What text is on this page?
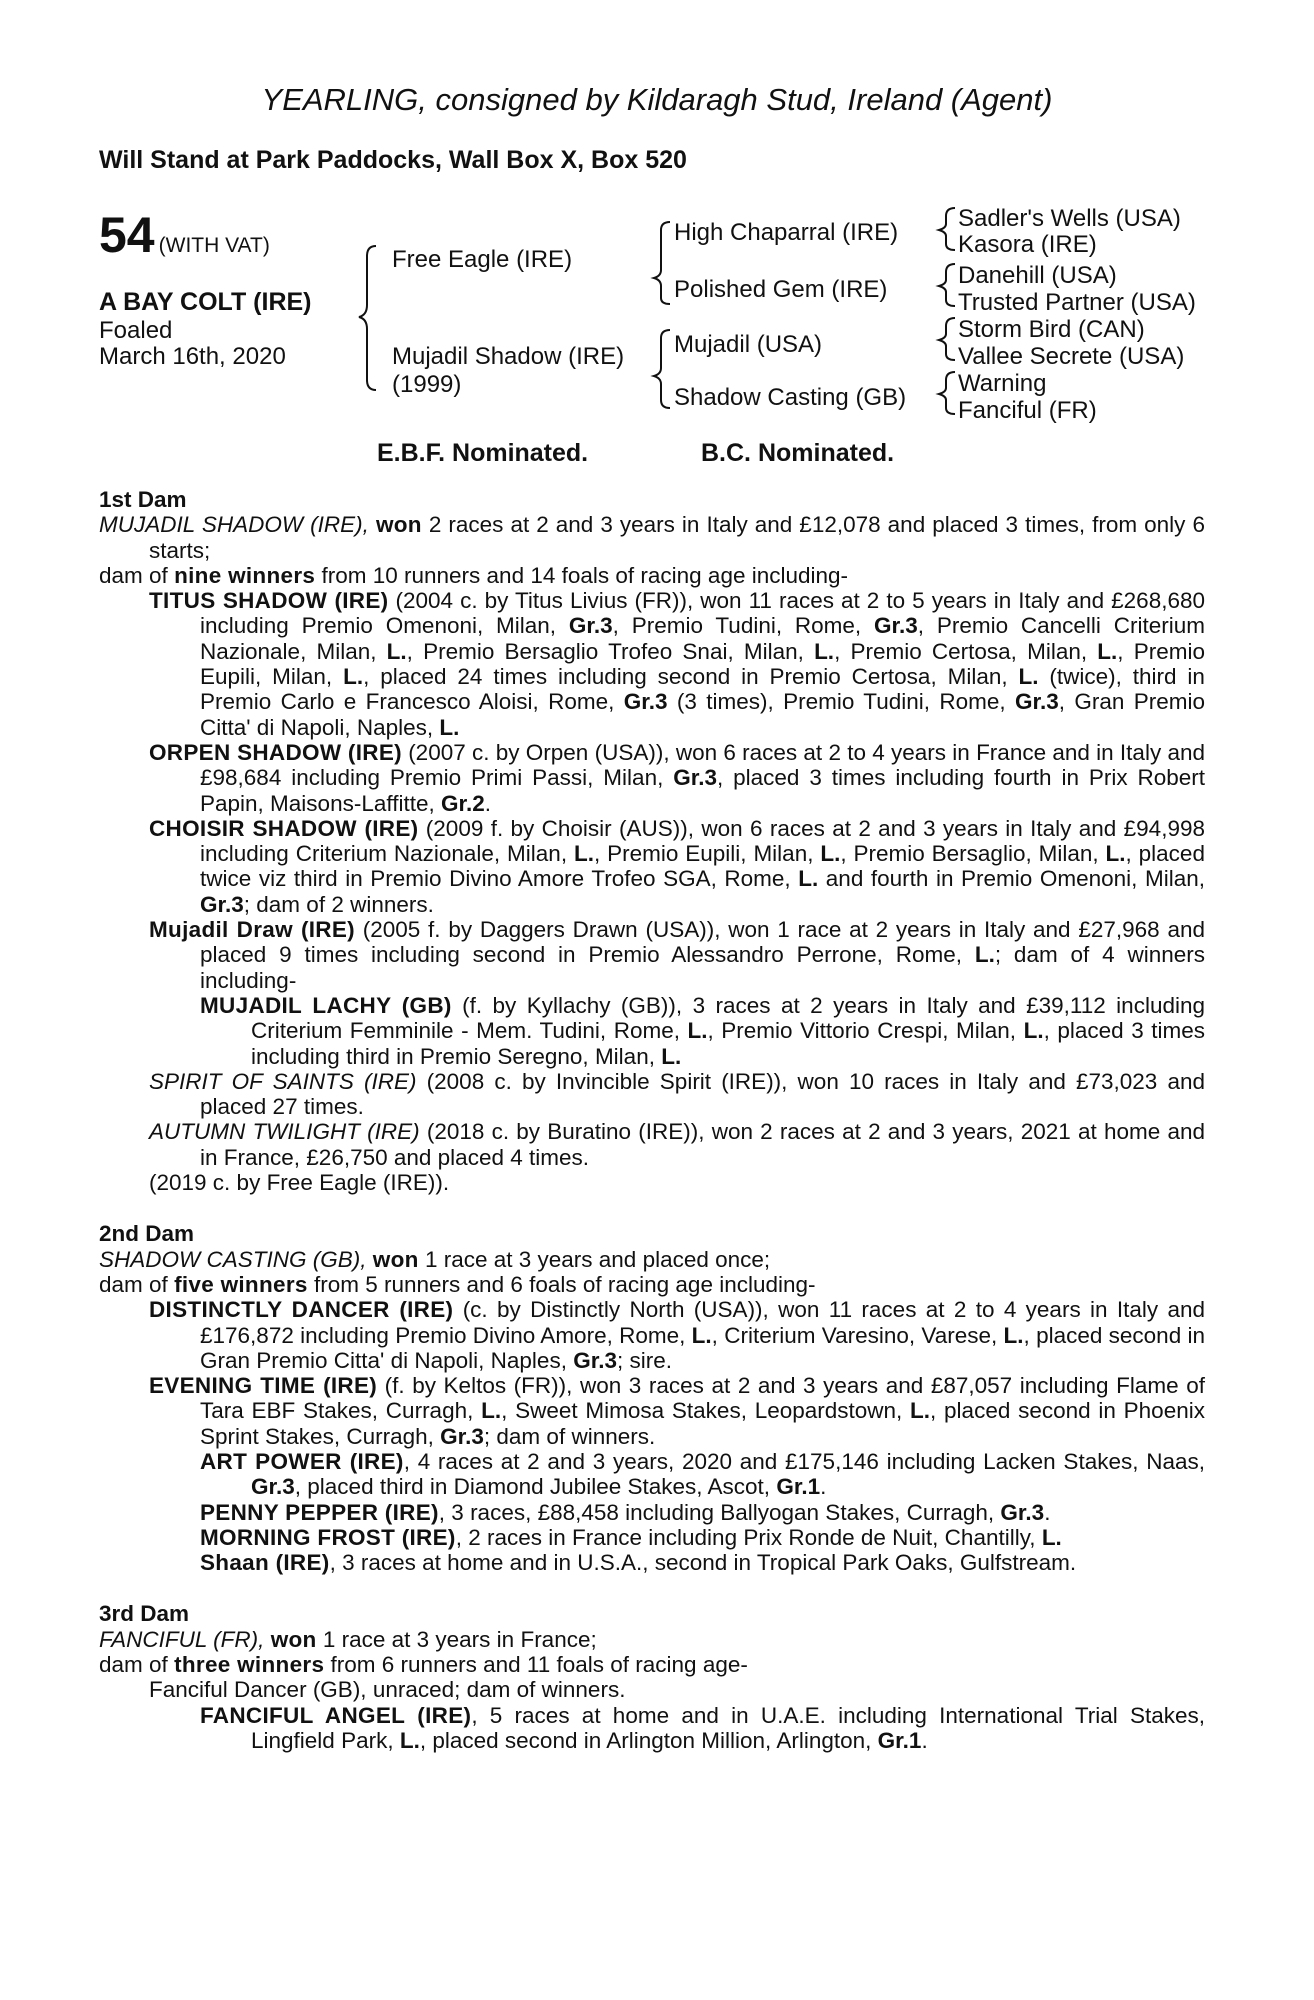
YEARLING, consigned by Kildaragh Stud, Ireland (Agent)
Will Stand at Park Paddocks, Wall Box X, Box 520
54 (WITH VAT)
A BAY COLT (IRE)
Foaled
March 16th, 2020
Free Eagle (IRE)
Mujadil Shadow (IRE)
(1999)
High Chaparral (IRE)
Polished Gem (IRE)
Mujadil (USA)
Shadow Casting (GB)
Sadler's Wells (USA)
Kasora (IRE)
Danehill (USA)
Trusted Partner (USA)
Storm Bird (CAN)
Vallee Secrete (USA)
Warning
Fanciful (FR)
E.B.F. Nominated.	B.C. Nominated.
1st Dam
MUJADIL SHADOW (IRE), won 2 races at 2 and 3 years in Italy and £12,078 and placed 3 times, from only 6 starts;
dam of nine winners from 10 runners and 14 foals of racing age including-
TITUS SHADOW (IRE) (2004 c. by Titus Livius (FR)), won 11 races at 2 to 5 years in Italy and £268,680 including Premio Omenoni, Milan, Gr.3, Premio Tudini, Rome, Gr.3, Premio Cancelli Criterium Nazionale, Milan, L., Premio Bersaglio Trofeo Snai, Milan, L., Premio Certosa, Milan, L., Premio Eupili, Milan, L., placed 24 times including second in Premio Certosa, Milan, L. (twice), third in Premio Carlo e Francesco Aloisi, Rome, Gr.3 (3 times), Premio Tudini, Rome, Gr.3, Gran Premio Citta' di Napoli, Naples, L.
ORPEN SHADOW (IRE) (2007 c. by Orpen (USA)), won 6 races at 2 to 4 years in France and in Italy and £98,684 including Premio Primi Passi, Milan, Gr.3, placed 3 times including fourth in Prix Robert Papin, Maisons-Laffitte, Gr.2.
CHOISIR SHADOW (IRE) (2009 f. by Choisir (AUS)), won 6 races at 2 and 3 years in Italy and £94,998 including Criterium Nazionale, Milan, L., Premio Eupili, Milan, L., Premio Bersaglio, Milan, L., placed twice viz third in Premio Divino Amore Trofeo SGA, Rome, L. and fourth in Premio Omenoni, Milan, Gr.3; dam of 2 winners.
Mujadil Draw (IRE) (2005 f. by Daggers Drawn (USA)), won 1 race at 2 years in Italy and £27,968 and placed 9 times including second in Premio Alessandro Perrone, Rome, L.; dam of 4 winners including-
MUJADIL LACHY (GB) (f. by Kyllachy (GB)), 3 races at 2 years in Italy and £39,112 including Criterium Femminile - Mem. Tudini, Rome, L., Premio Vittorio Crespi, Milan, L., placed 3 times including third in Premio Seregno, Milan, L.
SPIRIT OF SAINTS (IRE) (2008 c. by Invincible Spirit (IRE)), won 10 races in Italy and £73,023 and placed 27 times.
AUTUMN TWILIGHT (IRE) (2018 c. by Buratino (IRE)), won 2 races at 2 and 3 years, 2021 at home and in France, £26,750 and placed 4 times.
(2019 c. by Free Eagle (IRE)).
2nd Dam
SHADOW CASTING (GB), won 1 race at 3 years and placed once;
dam of five winners from 5 runners and 6 foals of racing age including-
DISTINCTLY DANCER (IRE) (c. by Distinctly North (USA)), won 11 races at 2 to 4 years in Italy and £176,872 including Premio Divino Amore, Rome, L., Criterium Varesino, Varese, L., placed second in Gran Premio Citta' di Napoli, Naples, Gr.3; sire.
EVENING TIME (IRE) (f. by Keltos (FR)), won 3 races at 2 and 3 years and £87,057 including Flame of Tara EBF Stakes, Curragh, L., Sweet Mimosa Stakes, Leopardstown, L., placed second in Phoenix Sprint Stakes, Curragh, Gr.3; dam of winners.
ART POWER (IRE), 4 races at 2 and 3 years, 2020 and £175,146 including Lacken Stakes, Naas, Gr.3, placed third in Diamond Jubilee Stakes, Ascot, Gr.1.
PENNY PEPPER (IRE), 3 races, £88,458 including Ballyogan Stakes, Curragh, Gr.3.
MORNING FROST (IRE), 2 races in France including Prix Ronde de Nuit, Chantilly, L.
Shaan (IRE), 3 races at home and in U.S.A., second in Tropical Park Oaks, Gulfstream.
3rd Dam
FANCIFUL (FR), won 1 race at 3 years in France;
dam of three winners from 6 runners and 11 foals of racing age-
Fanciful Dancer (GB), unraced; dam of winners.
FANCIFUL ANGEL (IRE), 5 races at home and in U.A.E. including International Trial Stakes, Lingfield Park, L., placed second in Arlington Million, Arlington, Gr.1.
